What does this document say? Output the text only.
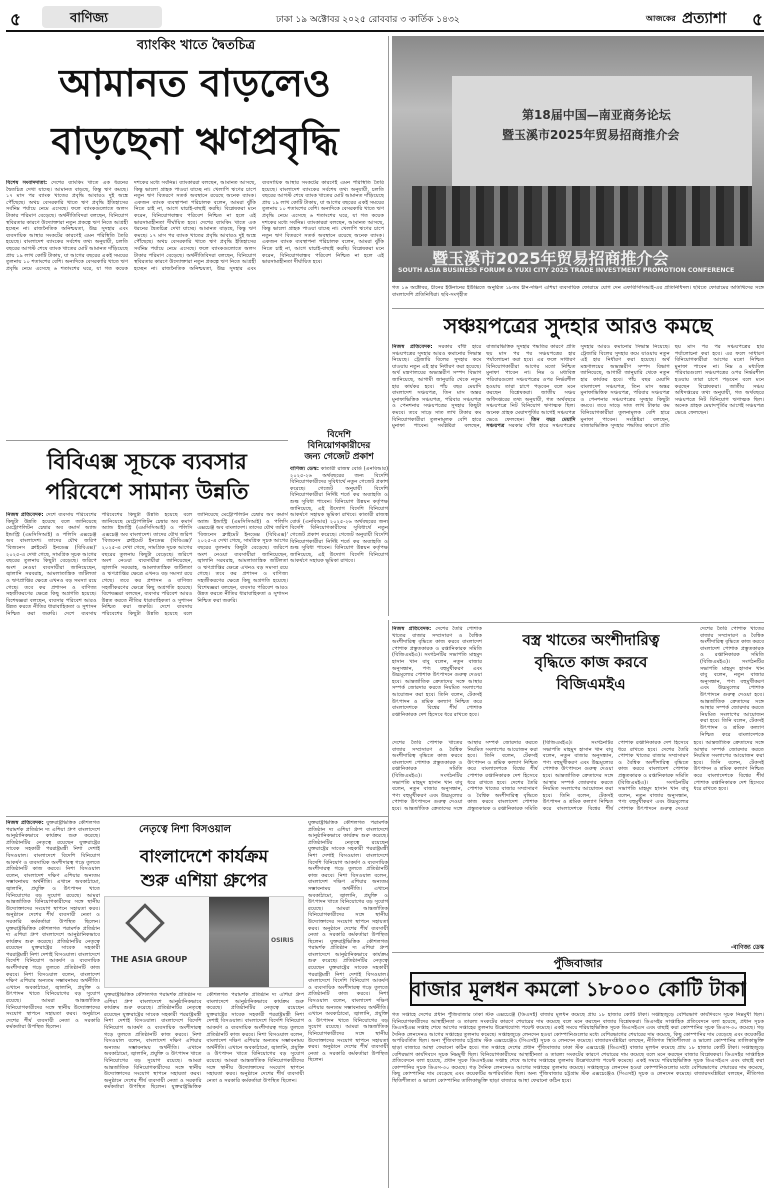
৫	বাণিজ্য	ঢাকা ১৯ অক্টোবর ২০২৫ রোববার ৩ কার্তিক ১৪৩২	আজকের প্রত্যাশা ৫
ব্যাংকিং খাতে দ্বৈতচিত্র
আমানত বাড়লেও
বাড়ছেনা ঋণপ্রবৃদ্ধি
বিশেষ সংবাদদাতা: দেশের ব্যাংকিং খাতে এক ধরনের দ্বৈতচিত্র দেখা যাচ্ছে। আমানত বাড়ছে, কিন্তু ঋণ কমছে। ১৭ মাস পর ব্যাংক খাতের প্রবৃদ্ধি আবারও দুই অঙ্কে পৌঁছেছে। অথচ বেসরকারি খাতে ঋণ প্রবৃদ্ধি ইতিহাসের সর্বনিম্ন পর্যায়ে নেমে এসেছে। ফলে ব্যাংকগুলোতে অলস টাকার পরিমাণ বেড়েছে। অর্থনীতিবিদরা বলছেন, বিনিয়োগ স্থবিরতার কারণে উদ্যোক্তারা নতুন প্রকল্পে ঋণ নিতে আগ্রহী হচ্ছেন না। রাজনৈতিক অনিশ্চয়তা, উচ্চ সুদহার এবং ব্যবসায়িক আস্থার সংকটের কারণেই এমন পরিস্থিতি তৈরি হয়েছে। বাংলাদেশ ব্যাংকের সর্বশেষ তথ্য অনুযায়ী, চলতি বছরের আগস্ট শেষে ব্যাংক খাতের মোট আমানত দাঁড়িয়েছে প্রায় ১৯ লাখ কোটি টাকায়, যা আগের বছরের একই সময়ের তুলনায় ১০ শতাংশের বেশি। অন্যদিকে বেসরকারি খাতে ঋণ প্রবৃদ্ধি নেমে এসেছে ৬ শতাংশের ঘরে, যা গত কয়েক দশকের মধ্যে সর্বনিম্ন। ব্যাংকাররা বলছেন, আমানত আসছে, কিন্তু ভালো গ্রাহক পাওয়া যাচ্ছে না। খেলাপি ঋণের চাপে নতুন ঋণ বিতরণে সতর্ক অবস্থানে রয়েছে অনেক ব্যাংক। একজন ব্যাংক ব্যবস্থাপনা পরিচালক বলেন, আমরা ঝুঁকি নিতে চাই না, আগে যাচাই-বাছাই করছি। বিশ্লেষকরা মনে করেন, বিনিয়োগবান্ধব পরিবেশ নিশ্চিত না হলে এই ভারসাম্যহীনতা দীর্ঘায়িত হবে। দেশের ব্যাংকিং খাতে এক ধরনের দ্বৈতচিত্র দেখা যাচ্ছে। আমানত বাড়ছে, কিন্তু ঋণ কমছে। ১৭ মাস পর ব্যাংক খাতের প্রবৃদ্ধি আবারও দুই অঙ্কে পৌঁছেছে। অথচ বেসরকারি খাতে ঋণ প্রবৃদ্ধি ইতিহাসের সর্বনিম্ন পর্যায়ে নেমে এসেছে। ফলে ব্যাংকগুলোতে অলস টাকার পরিমাণ বেড়েছে। অর্থনীতিবিদরা বলছেন, বিনিয়োগ স্থবিরতার কারণে উদ্যোক্তারা নতুন প্রকল্পে ঋণ নিতে আগ্রহী হচ্ছেন না। রাজনৈতিক অনিশ্চয়তা, উচ্চ সুদহার এবং ব্যবসায়িক আস্থার সংকটের কারণেই এমন পরিস্থিতি তৈরি হয়েছে। বাংলাদেশ ব্যাংকের সর্বশেষ তথ্য অনুযায়ী, চলতি বছরের আগস্ট শেষে ব্যাংক খাতের মোট আমানত দাঁড়িয়েছে প্রায় ১৯ লাখ কোটি টাকায়, যা আগের বছরের একই সময়ের তুলনায় ১০ শতাংশের বেশি। অন্যদিকে বেসরকারি খাতে ঋণ প্রবৃদ্ধি নেমে এসেছে ৬ শতাংশের ঘরে, যা গত কয়েক দশকের মধ্যে সর্বনিম্ন। ব্যাংকাররা বলছেন, আমানত আসছে, কিন্তু ভালো গ্রাহক পাওয়া যাচ্ছে না। খেলাপি ঋণের চাপে নতুন ঋণ বিতরণে সতর্ক অবস্থানে রয়েছে অনেক ব্যাংক। একজন ব্যাংক ব্যবস্থাপনা পরিচালক বলেন, আমরা ঝুঁকি নিতে চাই না, আগে যাচাই-বাছাই করছি। বিশ্লেষকরা মনে করেন, বিনিয়োগবান্ধব পরিবেশ নিশ্চিত না হলে এই ভারসাম্যহীনতা দীর্ঘায়িত হবে।
第18届中国—南亚商务论坛
暨玉溪市2025年贸易招商推介会
暨玉溪市2025年贸易招商推介会
SOUTH ASIA BUSINESS FORUM & YUXI CITY 2025 TRADE INVESTMENT PROMOTION CONFERENCE
গত ১৬ অক্টোবর, চীনের ইউনানের ইউক্সিতে অনুষ্ঠিত ১৮তম চীন-দক্ষিণ এশিয়া ব্যবসায়িক ফোরামে যোগ দেন এফবিসিসিআই-এর প্রতিনিধিদল। ছবিতে ফোরামের অতিথিদের সঙ্গে বাংলাদেশি প্রতিনিধিরা। ছবি-সংগৃহীত
সঞ্চয়পত্রের সুদহার আরও কমছে
নিজস্ব প্রতিবেদক: সরকার বাঁধা হারে সঞ্চয়পত্রের সুদহার আরও কমানোর সিদ্ধান্ত নিয়েছে। ট্রেজারি বিলের সুদহার কমে যাওয়ায় নতুন এই হার নির্ধারণ করা হয়েছে। অর্থ মন্ত্রণালয়ের অভ্যন্তরীণ সম্পদ বিভাগ জানিয়েছে, আগামী জানুয়ারি থেকে নতুন হার কার্যকর হবে। পাঁচ বছর মেয়াদি বাংলাদেশ সঞ্চয়পত্র, তিন মাস অন্তর মুনাফাভিত্তিক সঞ্চয়পত্র, পরিবার সঞ্চয়পত্র ও পেনশনার সঞ্চয়পত্রের সুদহার কিছুটা কমবে। তবে সাড়ে সাত লাখ টাকার কম বিনিয়োগকারীরা তুলনামূলক বেশি হারে মুনাফা পাবেন। সংশ্লিষ্টরা বলছেন, বাজারভিত্তিক সুদহার পদ্ধতির কারণে প্রতি ছয় মাস পর পর সঞ্চয়পত্রের হার পর্যালোচনা করা হবে। এর ফলে সাধারণ বিনিয়োগকারীরা আগের মতো নিশ্চিত মুনাফা পাবেন না। নিম্ন ও মধ্যবিত্ত পরিবারগুলো সঞ্চয়পত্রের ওপর নির্ভরশীল হওয়ায় তারা চাপে পড়বেন বলে মনে করছেন বিশ্লেষকরা। জাতীয় সঞ্চয় অধিদপ্তরের তথ্য অনুযায়ী, গত অর্থবছরে সঞ্চয়পত্রে নিট বিনিয়োগ ঋণাত্মক ছিল। অনেক গ্রাহক মেয়াদপূর্তির আগেই সঞ্চয়পত্র ভেঙে ফেলছেন। তিন বছর মেয়াদি সঞ্চয়পত্র সরকার বাঁধা হারে সঞ্চয়পত্রের সুদহার আরও কমানোর সিদ্ধান্ত নিয়েছে। ট্রেজারি বিলের সুদহার কমে যাওয়ায় নতুন এই হার নির্ধারণ করা হয়েছে। অর্থ মন্ত্রণালয়ের অভ্যন্তরীণ সম্পদ বিভাগ জানিয়েছে, আগামী জানুয়ারি থেকে নতুন হার কার্যকর হবে। পাঁচ বছর মেয়াদি বাংলাদেশ সঞ্চয়পত্র, তিন মাস অন্তর মুনাফাভিত্তিক সঞ্চয়পত্র, পরিবার সঞ্চয়পত্র ও পেনশনার সঞ্চয়পত্রের সুদহার কিছুটা কমবে। তবে সাড়ে সাত লাখ টাকার কম বিনিয়োগকারীরা তুলনামূলক বেশি হারে মুনাফা পাবেন। সংশ্লিষ্টরা বলছেন, বাজারভিত্তিক সুদহার পদ্ধতির কারণে প্রতি ছয় মাস পর পর সঞ্চয়পত্রের হার পর্যালোচনা করা হবে। এর ফলে সাধারণ বিনিয়োগকারীরা আগের মতো নিশ্চিত মুনাফা পাবেন না। নিম্ন ও মধ্যবিত্ত পরিবারগুলো সঞ্চয়পত্রের ওপর নির্ভরশীল হওয়ায় তারা চাপে পড়বেন বলে মনে করছেন বিশ্লেষকরা। জাতীয় সঞ্চয় অধিদপ্তরের তথ্য অনুযায়ী, গত অর্থবছরে সঞ্চয়পত্রে নিট বিনিয়োগ ঋণাত্মক ছিল। অনেক গ্রাহক মেয়াদপূর্তির আগেই সঞ্চয়পত্র ভেঙে ফেলছেন।
বিদেশি
বিনিয়োগকারীদের
জন্য গেজেট প্রকাশ
বাণিজ্য ডেস্ক: কাতারী রাজস্ব বোর্ড (এনবিআর) ২০২৫-২৬ অর্থবছরের জন্য বিদেশি বিনিয়োগকারীদের সুবিধার্থে নতুন গেজেট প্রকাশ করেছে। গেজেট অনুযায়ী বিদেশি বিনিয়োগকারীরা নির্দিষ্ট শর্তে কর অব্যাহতি ও শুল্ক সুবিধা পাবেন। বিনিয়োগ উন্নয়ন কর্তৃপক্ষ জানিয়েছে, এই উদ্যোগ বিদেশি বিনিয়োগ আকর্ষণে সহায়ক ভূমিকা রাখবে। কাতারী রাজস্ব বোর্ড (এনবিআর) ২০২৫-২৬ অর্থবছরের জন্য বিদেশি বিনিয়োগকারীদের সুবিধার্থে নতুন গেজেট প্রকাশ করেছে। গেজেট অনুযায়ী বিদেশি বিনিয়োগকারীরা নির্দিষ্ট শর্তে কর অব্যাহতি ও শুল্ক সুবিধা পাবেন। বিনিয়োগ উন্নয়ন কর্তৃপক্ষ জানিয়েছে, এই উদ্যোগ বিদেশি বিনিয়োগ আকর্ষণে সহায়ক ভূমিকা রাখবে।
বিবিএক্স সূচকে ব্যবসার
পরিবেশে সামান্য উন্নতি
নিজস্ব প্রতিবেদক: দেশে ব্যবসায় পরিবেশের কিছুটা উন্নতি হয়েছে বলে জানিয়েছে মেট্রোপলিটন চেম্বার অব কমার্স অ্যান্ড ইন্ডাস্ট্রি (এমসিসিআই) ও পলিসি এক্সচেঞ্জ অব বাংলাদেশ। তাদের যৌথ জরিপ 'বিজনেস ক্লাইমেট ইনডেক্স (বিবিএক্স)' ২০২৫-এ দেখা গেছে, সামগ্রিক সূচক আগের বছরের তুলনায় কিছুটা বেড়েছে। জরিপে অংশ নেওয়া ব্যবসায়ীরা জানিয়েছেন, জ্বালানি সরবরাহ, আমলাতান্ত্রিক জটিলতা ও ঋণপ্রাপ্তির ক্ষেত্রে এখনও বড় সমস্যা রয়ে গেছে। তবে কর প্রশাসন ও বাণিজ্য সহজীকরণের ক্ষেত্রে কিছু অগ্রগতি হয়েছে। বিশেষজ্ঞরা বলছেন, ব্যবসার পরিবেশ আরও উন্নত করতে নীতির ধারাবাহিকতা ও সুশাসন নিশ্চিত করা জরুরি। দেশে ব্যবসায় পরিবেশের কিছুটা উন্নতি হয়েছে বলে জানিয়েছে মেট্রোপলিটন চেম্বার অব কমার্স অ্যান্ড ইন্ডাস্ট্রি (এমসিসিআই) ও পলিসি এক্সচেঞ্জ অব বাংলাদেশ। তাদের যৌথ জরিপ 'বিজনেস ক্লাইমেট ইনডেক্স (বিবিএক্স)' ২০২৫-এ দেখা গেছে, সামগ্রিক সূচক আগের বছরের তুলনায় কিছুটা বেড়েছে। জরিপে অংশ নেওয়া ব্যবসায়ীরা জানিয়েছেন, জ্বালানি সরবরাহ, আমলাতান্ত্রিক জটিলতা ও ঋণপ্রাপ্তির ক্ষেত্রে এখনও বড় সমস্যা রয়ে গেছে। তবে কর প্রশাসন ও বাণিজ্য সহজীকরণের ক্ষেত্রে কিছু অগ্রগতি হয়েছে। বিশেষজ্ঞরা বলছেন, ব্যবসার পরিবেশ আরও উন্নত করতে নীতির ধারাবাহিকতা ও সুশাসন নিশ্চিত করা জরুরি। দেশে ব্যবসায় পরিবেশের কিছুটা উন্নতি হয়েছে বলে জানিয়েছে মেট্রোপলিটন চেম্বার অব কমার্স অ্যান্ড ইন্ডাস্ট্রি (এমসিসিআই) ও পলিসি এক্সচেঞ্জ অব বাংলাদেশ। তাদের যৌথ জরিপ 'বিজনেস ক্লাইমেট ইনডেক্স (বিবিএক্স)' ২০২৫-এ দেখা গেছে, সামগ্রিক সূচক আগের বছরের তুলনায় কিছুটা বেড়েছে। জরিপে অংশ নেওয়া ব্যবসায়ীরা জানিয়েছেন, জ্বালানি সরবরাহ, আমলাতান্ত্রিক জটিলতা ও ঋণপ্রাপ্তির ক্ষেত্রে এখনও বড় সমস্যা রয়ে গেছে। তবে কর প্রশাসন ও বাণিজ্য সহজীকরণের ক্ষেত্রে কিছু অগ্রগতি হয়েছে। বিশেষজ্ঞরা বলছেন, ব্যবসার পরিবেশ আরও উন্নত করতে নীতির ধারাবাহিকতা ও সুশাসন নিশ্চিত করা জরুরি।
নেতৃত্বে নিশা বিসওয়াল
নিজস্ব প্রতিবেদক: যুক্তরাষ্ট্রভিত্তিক কৌশলগত পরামর্শক প্রতিষ্ঠান দ্য এশিয়া গ্রুপ বাংলাদেশে আনুষ্ঠানিকভাবে কার্যক্রম শুরু করেছে। প্রতিষ্ঠানটির নেতৃত্বে রয়েছেন যুক্তরাষ্ট্রের সাবেক সহকারী পররাষ্ট্রমন্ত্রী নিশা দেশাই বিসওয়াল। বাংলাদেশে বিদেশি বিনিয়োগ আকর্ষণ ও ব্যবসায়িক অংশীদারত্ব গড়ে তুলতে প্রতিষ্ঠানটি কাজ করবে। নিশা বিসওয়াল বলেন, বাংলাদেশ দক্ষিণ এশিয়ার অন্যতম সম্ভাবনাময় অর্থনীতি। এখানে অবকাঠামো, জ্বালানি, প্রযুক্তি ও উৎপাদন খাতে বিনিয়োগের বড় সুযোগ রয়েছে। আমরা আন্তর্জাতিক বিনিয়োগকারীদের সঙ্গে স্থানীয় উদ্যোক্তাদের সংযোগ স্থাপনে সহায়তা করব। অনুষ্ঠানে দেশের শীর্ষ ব্যবসায়ী নেতা ও সরকারি কর্মকর্তারা উপস্থিত ছিলেন। যুক্তরাষ্ট্রভিত্তিক কৌশলগত পরামর্শক প্রতিষ্ঠান দ্য এশিয়া গ্রুপ বাংলাদেশে আনুষ্ঠানিকভাবে কার্যক্রম শুরু করেছে। প্রতিষ্ঠানটির নেতৃত্বে রয়েছেন যুক্তরাষ্ট্রের সাবেক সহকারী পররাষ্ট্রমন্ত্রী নিশা দেশাই বিসওয়াল। বাংলাদেশে বিদেশি বিনিয়োগ আকর্ষণ ও ব্যবসায়িক অংশীদারত্ব গড়ে তুলতে প্রতিষ্ঠানটি কাজ করবে। নিশা বিসওয়াল বলেন, বাংলাদেশ দক্ষিণ এশিয়ার অন্যতম সম্ভাবনাময় অর্থনীতি। এখানে অবকাঠামো, জ্বালানি, প্রযুক্তি ও উৎপাদন খাতে বিনিয়োগের বড় সুযোগ রয়েছে। আমরা আন্তর্জাতিক বিনিয়োগকারীদের সঙ্গে স্থানীয় উদ্যোক্তাদের সংযোগ স্থাপনে সহায়তা করব। অনুষ্ঠানে দেশের শীর্ষ ব্যবসায়ী নেতা ও সরকারি কর্মকর্তারা উপস্থিত ছিলেন।
বাংলাদেশে কার্যক্রম
শুরু এশিয়া গ্রুপের
THE ASIA GROUP
OSIRIS
যুক্তরাষ্ট্রভিত্তিক কৌশলগত পরামর্শক প্রতিষ্ঠান দ্য এশিয়া গ্রুপ বাংলাদেশে আনুষ্ঠানিকভাবে কার্যক্রম শুরু করেছে। প্রতিষ্ঠানটির নেতৃত্বে রয়েছেন যুক্তরাষ্ট্রের সাবেক সহকারী পররাষ্ট্রমন্ত্রী নিশা দেশাই বিসওয়াল। বাংলাদেশে বিদেশি বিনিয়োগ আকর্ষণ ও ব্যবসায়িক অংশীদারত্ব গড়ে তুলতে প্রতিষ্ঠানটি কাজ করবে। নিশা বিসওয়াল বলেন, বাংলাদেশ দক্ষিণ এশিয়ার অন্যতম সম্ভাবনাময় অর্থনীতি। এখানে অবকাঠামো, জ্বালানি, প্রযুক্তি ও উৎপাদন খাতে বিনিয়োগের বড় সুযোগ রয়েছে। আমরা আন্তর্জাতিক বিনিয়োগকারীদের সঙ্গে স্থানীয় উদ্যোক্তাদের সংযোগ স্থাপনে সহায়তা করব। অনুষ্ঠানে দেশের শীর্ষ ব্যবসায়ী নেতা ও সরকারি কর্মকর্তারা উপস্থিত ছিলেন। যুক্তরাষ্ট্রভিত্তিক কৌশলগত পরামর্শক প্রতিষ্ঠান দ্য এশিয়া গ্রুপ বাংলাদেশে আনুষ্ঠানিকভাবে কার্যক্রম শুরু করেছে। প্রতিষ্ঠানটির নেতৃত্বে রয়েছেন যুক্তরাষ্ট্রের সাবেক সহকারী পররাষ্ট্রমন্ত্রী নিশা দেশাই বিসওয়াল। বাংলাদেশে বিদেশি বিনিয়োগ আকর্ষণ ও ব্যবসায়িক অংশীদারত্ব গড়ে তুলতে প্রতিষ্ঠানটি কাজ করবে। নিশা বিসওয়াল বলেন, বাংলাদেশ দক্ষিণ এশিয়ার অন্যতম সম্ভাবনাময় অর্থনীতি। এখানে অবকাঠামো, জ্বালানি, প্রযুক্তি ও উৎপাদন খাতে বিনিয়োগের বড় সুযোগ রয়েছে। আমরা আন্তর্জাতিক বিনিয়োগকারীদের সঙ্গে স্থানীয় উদ্যোক্তাদের সংযোগ স্থাপনে সহায়তা করব। অনুষ্ঠানে দেশের শীর্ষ ব্যবসায়ী নেতা ও সরকারি কর্মকর্তারা উপস্থিত ছিলেন।
যুক্তরাষ্ট্রভিত্তিক কৌশলগত পরামর্শক প্রতিষ্ঠান দ্য এশিয়া গ্রুপ বাংলাদেশে আনুষ্ঠানিকভাবে কার্যক্রম শুরু করেছে। প্রতিষ্ঠানটির নেতৃত্বে রয়েছেন যুক্তরাষ্ট্রের সাবেক সহকারী পররাষ্ট্রমন্ত্রী নিশা দেশাই বিসওয়াল। বাংলাদেশে বিদেশি বিনিয়োগ আকর্ষণ ও ব্যবসায়িক অংশীদারত্ব গড়ে তুলতে প্রতিষ্ঠানটি কাজ করবে। নিশা বিসওয়াল বলেন, বাংলাদেশ দক্ষিণ এশিয়ার অন্যতম সম্ভাবনাময় অর্থনীতি। এখানে অবকাঠামো, জ্বালানি, প্রযুক্তি ও উৎপাদন খাতে বিনিয়োগের বড় সুযোগ রয়েছে। আমরা আন্তর্জাতিক বিনিয়োগকারীদের সঙ্গে স্থানীয় উদ্যোক্তাদের সংযোগ স্থাপনে সহায়তা করব। অনুষ্ঠানে দেশের শীর্ষ ব্যবসায়ী নেতা ও সরকারি কর্মকর্তারা উপস্থিত ছিলেন। যুক্তরাষ্ট্রভিত্তিক কৌশলগত পরামর্শক প্রতিষ্ঠান দ্য এশিয়া গ্রুপ বাংলাদেশে আনুষ্ঠানিকভাবে কার্যক্রম শুরু করেছে। প্রতিষ্ঠানটির নেতৃত্বে রয়েছেন যুক্তরাষ্ট্রের সাবেক সহকারী পররাষ্ট্রমন্ত্রী নিশা দেশাই বিসওয়াল। বাংলাদেশে বিদেশি বিনিয়োগ আকর্ষণ ও ব্যবসায়িক অংশীদারত্ব গড়ে তুলতে প্রতিষ্ঠানটি কাজ করবে। নিশা বিসওয়াল বলেন, বাংলাদেশ দক্ষিণ এশিয়ার অন্যতম সম্ভাবনাময় অর্থনীতি। এখানে অবকাঠামো, জ্বালানি, প্রযুক্তি ও উৎপাদন খাতে বিনিয়োগের বড় সুযোগ রয়েছে। আমরা আন্তর্জাতিক বিনিয়োগকারীদের সঙ্গে স্থানীয় উদ্যোক্তাদের সংযোগ স্থাপনে সহায়তা করব। অনুষ্ঠানে দেশের শীর্ষ ব্যবসায়ী নেতা ও সরকারি কর্মকর্তারা উপস্থিত ছিলেন।
নিজস্ব প্রতিবেদক: দেশের তৈরি পোশাক খাতের বাজার সম্প্রসারণ ও বৈশ্বিক অংশীদারিত্ব বৃদ্ধিতে কাজ করবে বাংলাদেশ পোশাক প্রস্তুতকারক ও রপ্তানিকারক সমিতি (বিজিএমইএ)। সংগঠনটির সভাপতি মাহমুদ হাসান খান বাবু বলেন, নতুন বাজার অনুসন্ধান, পণ্য বহুমুখীকরণ এবং উচ্চমূল্যের পোশাক উৎপাদনে গুরুত্ব দেওয়া হবে। আন্তর্জাতিক ক্রেতাদের সঙ্গে আস্থার সম্পর্ক জোরদার করতে নিয়মিত সংলাপের আয়োজন করা হবে। তিনি বলেন, টেকসই উৎপাদন ও শ্রমিক কল্যাণ নিশ্চিত করে বাংলাদেশকে বিশ্বের শীর্ষ পোশাক রপ্তানিকারক দেশ হিসেবে ধরে রাখতে হবে।
বস্ত্র খাতের অংশীদারিত্ব
বৃদ্ধিতে কাজ করবে
বিজিএমইএ
দেশের তৈরি পোশাক খাতের বাজার সম্প্রসারণ ও বৈশ্বিক অংশীদারিত্ব বৃদ্ধিতে কাজ করবে বাংলাদেশ পোশাক প্রস্তুতকারক ও রপ্তানিকারক সমিতি (বিজিএমইএ)। সংগঠনটির সভাপতি মাহমুদ হাসান খান বাবু বলেন, নতুন বাজার অনুসন্ধান, পণ্য বহুমুখীকরণ এবং উচ্চমূল্যের পোশাক উৎপাদনে গুরুত্ব দেওয়া হবে। আন্তর্জাতিক ক্রেতাদের সঙ্গে আস্থার সম্পর্ক জোরদার করতে নিয়মিত সংলাপের আয়োজন করা হবে। তিনি বলেন, টেকসই উৎপাদন ও শ্রমিক কল্যাণ নিশ্চিত করে বাংলাদেশকে
দেশের তৈরি পোশাক খাতের বাজার সম্প্রসারণ ও বৈশ্বিক অংশীদারিত্ব বৃদ্ধিতে কাজ করবে বাংলাদেশ পোশাক প্রস্তুতকারক ও রপ্তানিকারক সমিতি (বিজিএমইএ)। সংগঠনটির সভাপতি মাহমুদ হাসান খান বাবু বলেন, নতুন বাজার অনুসন্ধান, পণ্য বহুমুখীকরণ এবং উচ্চমূল্যের পোশাক উৎপাদনে গুরুত্ব দেওয়া হবে। আন্তর্জাতিক ক্রেতাদের সঙ্গে আস্থার সম্পর্ক জোরদার করতে নিয়মিত সংলাপের আয়োজন করা হবে। তিনি বলেন, টেকসই উৎপাদন ও শ্রমিক কল্যাণ নিশ্চিত করে বাংলাদেশকে বিশ্বের শীর্ষ পোশাক রপ্তানিকারক দেশ হিসেবে ধরে রাখতে হবে। দেশের তৈরি পোশাক খাতের বাজার সম্প্রসারণ ও বৈশ্বিক অংশীদারিত্ব বৃদ্ধিতে কাজ করবে বাংলাদেশ পোশাক প্রস্তুতকারক ও রপ্তানিকারক সমিতি (বিজিএমইএ)। সংগঠনটির সভাপতি মাহমুদ হাসান খান বাবু বলেন, নতুন বাজার অনুসন্ধান, পণ্য বহুমুখীকরণ এবং উচ্চমূল্যের পোশাক উৎপাদনে গুরুত্ব দেওয়া হবে। আন্তর্জাতিক ক্রেতাদের সঙ্গে আস্থার সম্পর্ক জোরদার করতে নিয়মিত সংলাপের আয়োজন করা হবে। তিনি বলেন, টেকসই উৎপাদন ও শ্রমিক কল্যাণ নিশ্চিত করে বাংলাদেশকে বিশ্বের শীর্ষ পোশাক রপ্তানিকারক দেশ হিসেবে ধরে রাখতে হবে। দেশের তৈরি পোশাক খাতের বাজার সম্প্রসারণ ও বৈশ্বিক অংশীদারিত্ব বৃদ্ধিতে কাজ করবে বাংলাদেশ পোশাক প্রস্তুতকারক ও রপ্তানিকারক সমিতি (বিজিএমইএ)। সংগঠনটির সভাপতি মাহমুদ হাসান খান বাবু বলেন, নতুন বাজার অনুসন্ধান, পণ্য বহুমুখীকরণ এবং উচ্চমূল্যের পোশাক উৎপাদনে গুরুত্ব দেওয়া হবে। আন্তর্জাতিক ক্রেতাদের সঙ্গে আস্থার সম্পর্ক জোরদার করতে নিয়মিত সংলাপের আয়োজন করা হবে। তিনি বলেন, টেকসই উৎপাদন ও শ্রমিক কল্যাণ নিশ্চিত করে বাংলাদেশকে বিশ্বের শীর্ষ পোশাক রপ্তানিকারক দেশ হিসেবে ধরে রাখতে হবে।
-বাণিজ্য ডেস্ক
পুঁজিবাজার
বাজার মূলধন কমলো ১৮০০০ কোটি টাকা
গত সপ্তাহে দেশের প্রধান পুঁজিবাজার ঢাকা স্টক এক্সচেঞ্জে (ডিএসই) বাজার মূলধন কমেছে প্রায় ১৮ হাজার কোটি টাকা। সপ্তাহজুড়ে বেশিরভাগ কার্যদিবসে সূচক নিম্নমুখী ছিল। বিনিয়োগকারীদের আস্থাহীনতা ও তারল্য সংকটের কারণে শেয়ারের দাম কমেছে বলে মনে করছেন বাজার বিশ্লেষকরা। ডিএসইর সাপ্তাহিক প্রতিবেদনে বলা হয়েছে, প্রধান সূচক ডিএসইএক্স সপ্তাহ শেষে আগের সপ্তাহের তুলনায় উল্লেখযোগ্য পয়েন্ট কমেছে। একই সময়ে শরিয়াহভিত্তিক সূচক ডিএসইএস এবং বাছাই করা কোম্পানির সূচক ডিএস-৩০ কমেছে। গড় দৈনিক লেনদেনও আগের সপ্তাহের তুলনায় কমেছে। সপ্তাহজুড়ে লেনদেন হওয়া কোম্পানিগুলোর মধ্যে বেশিরভাগের শেয়ারের দাম কমেছে, কিছু কোম্পানির দাম বেড়েছে এবং কয়েকটির অপরিবর্তিত ছিল। অন্য পুঁজিবাজার চট্টগ্রাম স্টক এক্সচেঞ্জেও (সিএসই) সূচক ও লেনদেন কমেছে। বাজারসংশ্লিষ্টরা বলছেন, নীতিগত স্থিতিশীলতা ও ভালো কোম্পানির তালিকাভুক্তি ছাড়া বাজারে আস্থা ফেরানো কঠিন হবে। গত সপ্তাহে দেশের প্রধান পুঁজিবাজার ঢাকা স্টক এক্সচেঞ্জে (ডিএসই) বাজার মূলধন কমেছে প্রায় ১৮ হাজার কোটি টাকা। সপ্তাহজুড়ে বেশিরভাগ কার্যদিবসে সূচক নিম্নমুখী ছিল। বিনিয়োগকারীদের আস্থাহীনতা ও তারল্য সংকটের কারণে শেয়ারের দাম কমেছে বলে মনে করছেন বাজার বিশ্লেষকরা। ডিএসইর সাপ্তাহিক প্রতিবেদনে বলা হয়েছে, প্রধান সূচক ডিএসইএক্স সপ্তাহ শেষে আগের সপ্তাহের তুলনায় উল্লেখযোগ্য পয়েন্ট কমেছে। একই সময়ে শরিয়াহভিত্তিক সূচক ডিএসইএস এবং বাছাই করা কোম্পানির সূচক ডিএস-৩০ কমেছে। গড় দৈনিক লেনদেনও আগের সপ্তাহের তুলনায় কমেছে। সপ্তাহজুড়ে লেনদেন হওয়া কোম্পানিগুলোর মধ্যে বেশিরভাগের শেয়ারের দাম কমেছে, কিছু কোম্পানির দাম বেড়েছে এবং কয়েকটির অপরিবর্তিত ছিল। অন্য পুঁজিবাজার চট্টগ্রাম স্টক এক্সচেঞ্জেও (সিএসই) সূচক ও লেনদেন কমেছে। বাজারসংশ্লিষ্টরা বলছেন, নীতিগত স্থিতিশীলতা ও ভালো কোম্পানির তালিকাভুক্তি ছাড়া বাজারে আস্থা ফেরানো কঠিন হবে।
